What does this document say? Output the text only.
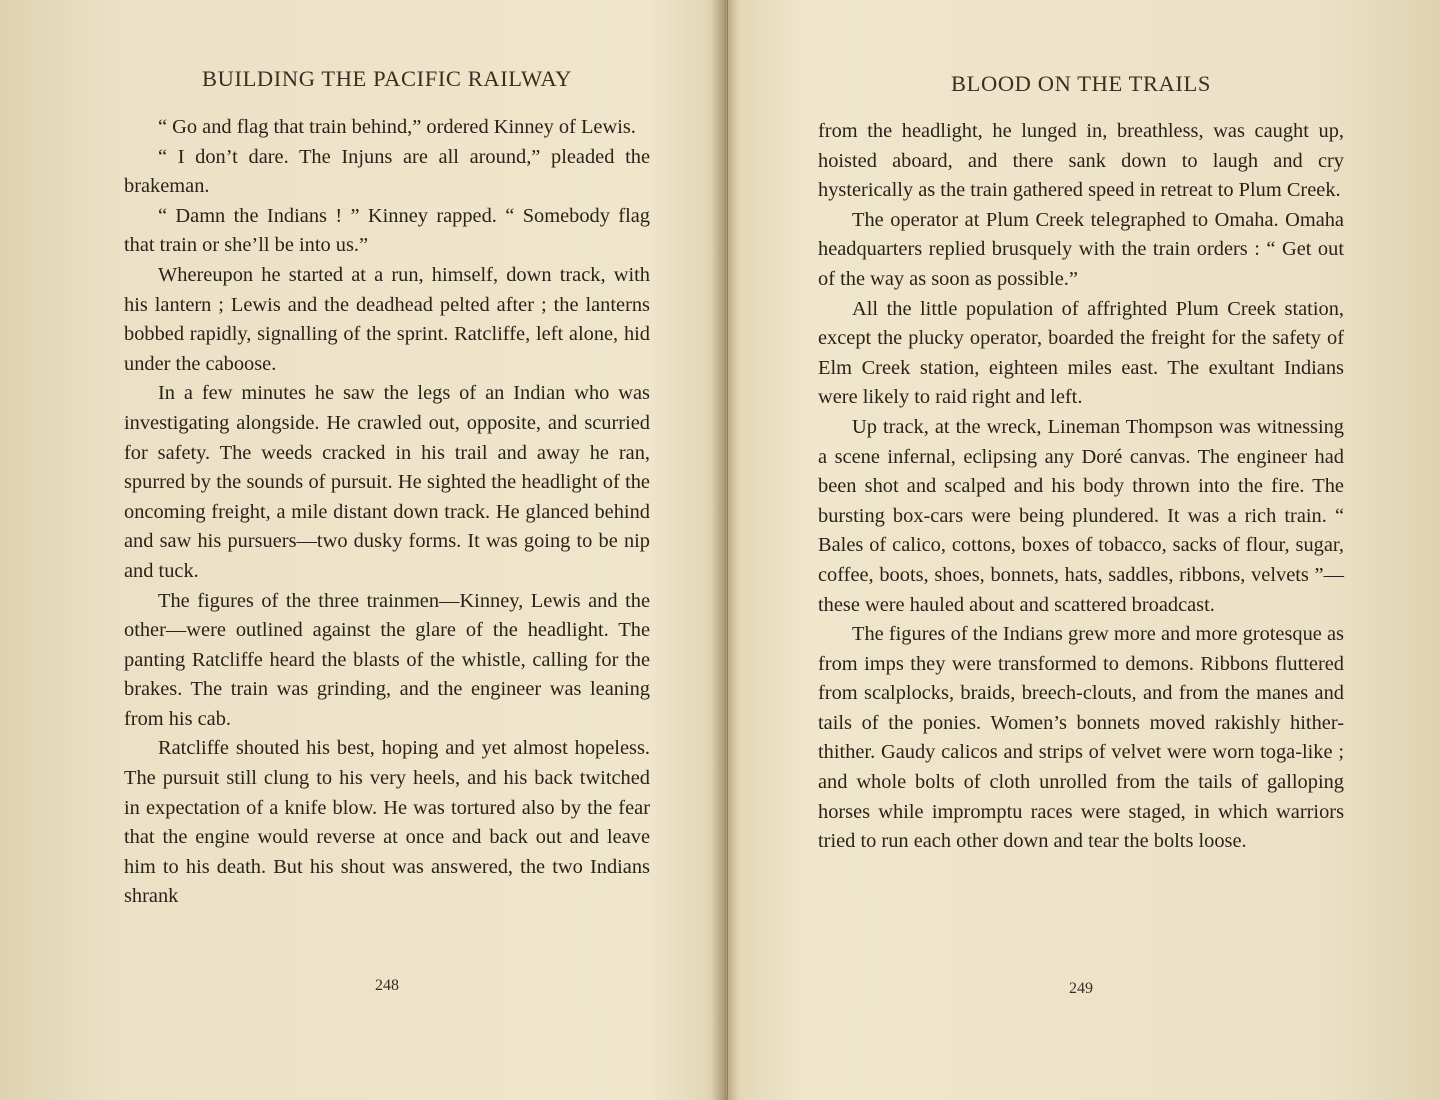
BUILDING THE PACIFIC RAILWAY

“ Go and flag that train behind,” ordered Kinney of Lewis.

“ I don’t dare. The Injuns are all around,” pleaded the brakeman.

“ Damn the Indians ! ” Kinney rapped. “ Somebody flag that train or she’ll be into us.”

Whereupon he started at a run, himself, down track, with his lantern ; Lewis and the deadhead pelted after ; the lanterns bobbed rapidly, signalling of the sprint. Ratcliffe, left alone, hid under the caboose.

In a few minutes he saw the legs of an Indian who was investigating alongside. He crawled out, opposite, and scurried for safety. The weeds cracked in his trail and away he ran, spurred by the sounds of pursuit. He sighted the headlight of the oncoming freight, a mile distant down track. He glanced behind and saw his pursuers—two dusky forms. It was going to be nip and tuck.

The figures of the three trainmen—Kinney, Lewis and the other—were outlined against the glare of the headlight. The panting Ratcliffe heard the blasts of the whistle, calling for the brakes. The train was grinding, and the engineer was leaning from his cab.

Ratcliffe shouted his best, hoping and yet almost hopeless. The pursuit still clung to his very heels, and his back twitched in expectation of a knife blow. He was tortured also by the fear that the engine would reverse at once and back out and leave him to his death. But his shout was answered, the two Indians shrank

248
BLOOD ON THE TRAILS

from the headlight, he lunged in, breathless, was caught up, hoisted aboard, and there sank down to laugh and cry hysterically as the train gathered speed in retreat to Plum Creek.

The operator at Plum Creek telegraphed to Omaha. Omaha headquarters replied brusquely with the train orders : “ Get out of the way as soon as possible.”

All the little population of affrighted Plum Creek station, except the plucky operator, boarded the freight for the safety of Elm Creek station, eighteen miles east. The exultant Indians were likely to raid right and left.

Up track, at the wreck, Lineman Thompson was witnessing a scene infernal, eclipsing any Doré canvas. The engineer had been shot and scalped and his body thrown into the fire. The bursting box-cars were being plundered. It was a rich train. “ Bales of calico, cottons, boxes of tobacco, sacks of flour, sugar, coffee, boots, shoes, bonnets, hats, saddles, ribbons, velvets ”—these were hauled about and scattered broadcast.

The figures of the Indians grew more and more grotesque as from imps they were transformed to demons. Ribbons fluttered from scalplocks, braids, breech-clouts, and from the manes and tails of the ponies. Women’s bonnets moved rakishly hither-thither. Gaudy calicos and strips of velvet were worn toga-like ; and whole bolts of cloth unrolled from the tails of galloping horses while impromptu races were staged, in which warriors tried to run each other down and tear the bolts loose.

249
